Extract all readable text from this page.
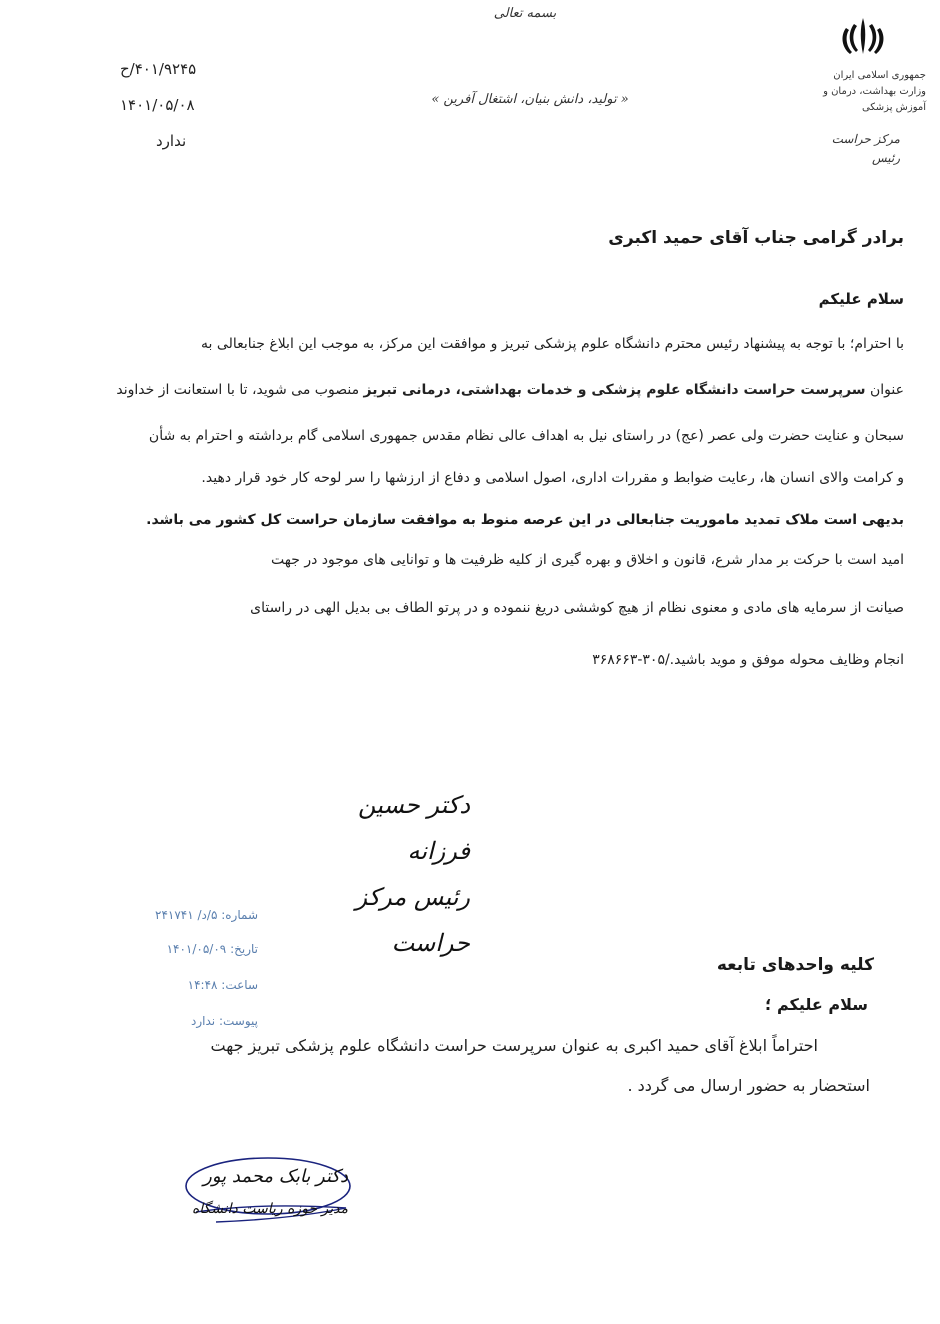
بسمه تعالی
جمهوری اسلامی ایران
وزارت بهداشت، درمان و آموزش پزشکی
مرکز حراست
رئیس
« تولید، دانش بنیان، اشتغال آفرین »
۴۰۱/۹۲۴۵/ح
۱۴۰۱/۰۵/۰۸
ندارد
برادر گرامی جناب آقای حمید اکبری
سلام علیکم
با احترام؛ با توجه به پیشنهاد رئیس محترم دانشگاه علوم پزشکی تبریز و موافقت این مرکز، به موجب این ابلاغ جنابعالی به
عنوان سرپرست حراست دانشگاه علوم پزشکی و خدمات بهداشتی، درمانی تبریز منصوب می شوید، تا با استعانت از خداوند
سبحان و عنایت حضرت ولی عصر (عج) در راستای نیل به اهداف عالی نظام مقدس جمهوری اسلامی گام برداشته و احترام به شأن
و کرامت والای انسان ها، رعایت ضوابط و مقررات اداری، اصول اسلامی و دفاع از ارزشها را سر لوحه کار خود قرار دهید.
بدیهی است ملاک تمدید ماموریت جنابعالی در این عرصه منوط به موافقت سازمان حراست کل کشور می باشد.
امید است با حرکت بر مدار شرع، قانون و اخلاق و بهره گیری از کلیه ظرفیت ها و توانایی های موجود در جهت
صیانت از سرمایه های مادی و معنوی نظام از هیچ کوششی دریغ ننموده و در پرتو الطاف بی بدیل الهی در راستای
انجام وظایف محوله موفق و موید باشید./۳۰۵-۳۶۸۶۶۳
دکتر حسین فرزانه
رئیس مرکز حراست
شماره: ۵/د/ ۲۴۱۷۴۱
تاریخ: ۱۴۰۱/۰۵/۰۹
ساعت: ۱۴:۴۸
پیوست: ندارد
کلیه واحدهای تابعه
سلام علیکم ؛
احتراماً ابلاغ آقای حمید اکبری به عنوان سرپرست حراست دانشگاه علوم پزشکی تبریز جهت
استحضار به حضور ارسال می گردد .
دکتر بابک محمد پور
مدیر حوزه ریاست دانشگاه
